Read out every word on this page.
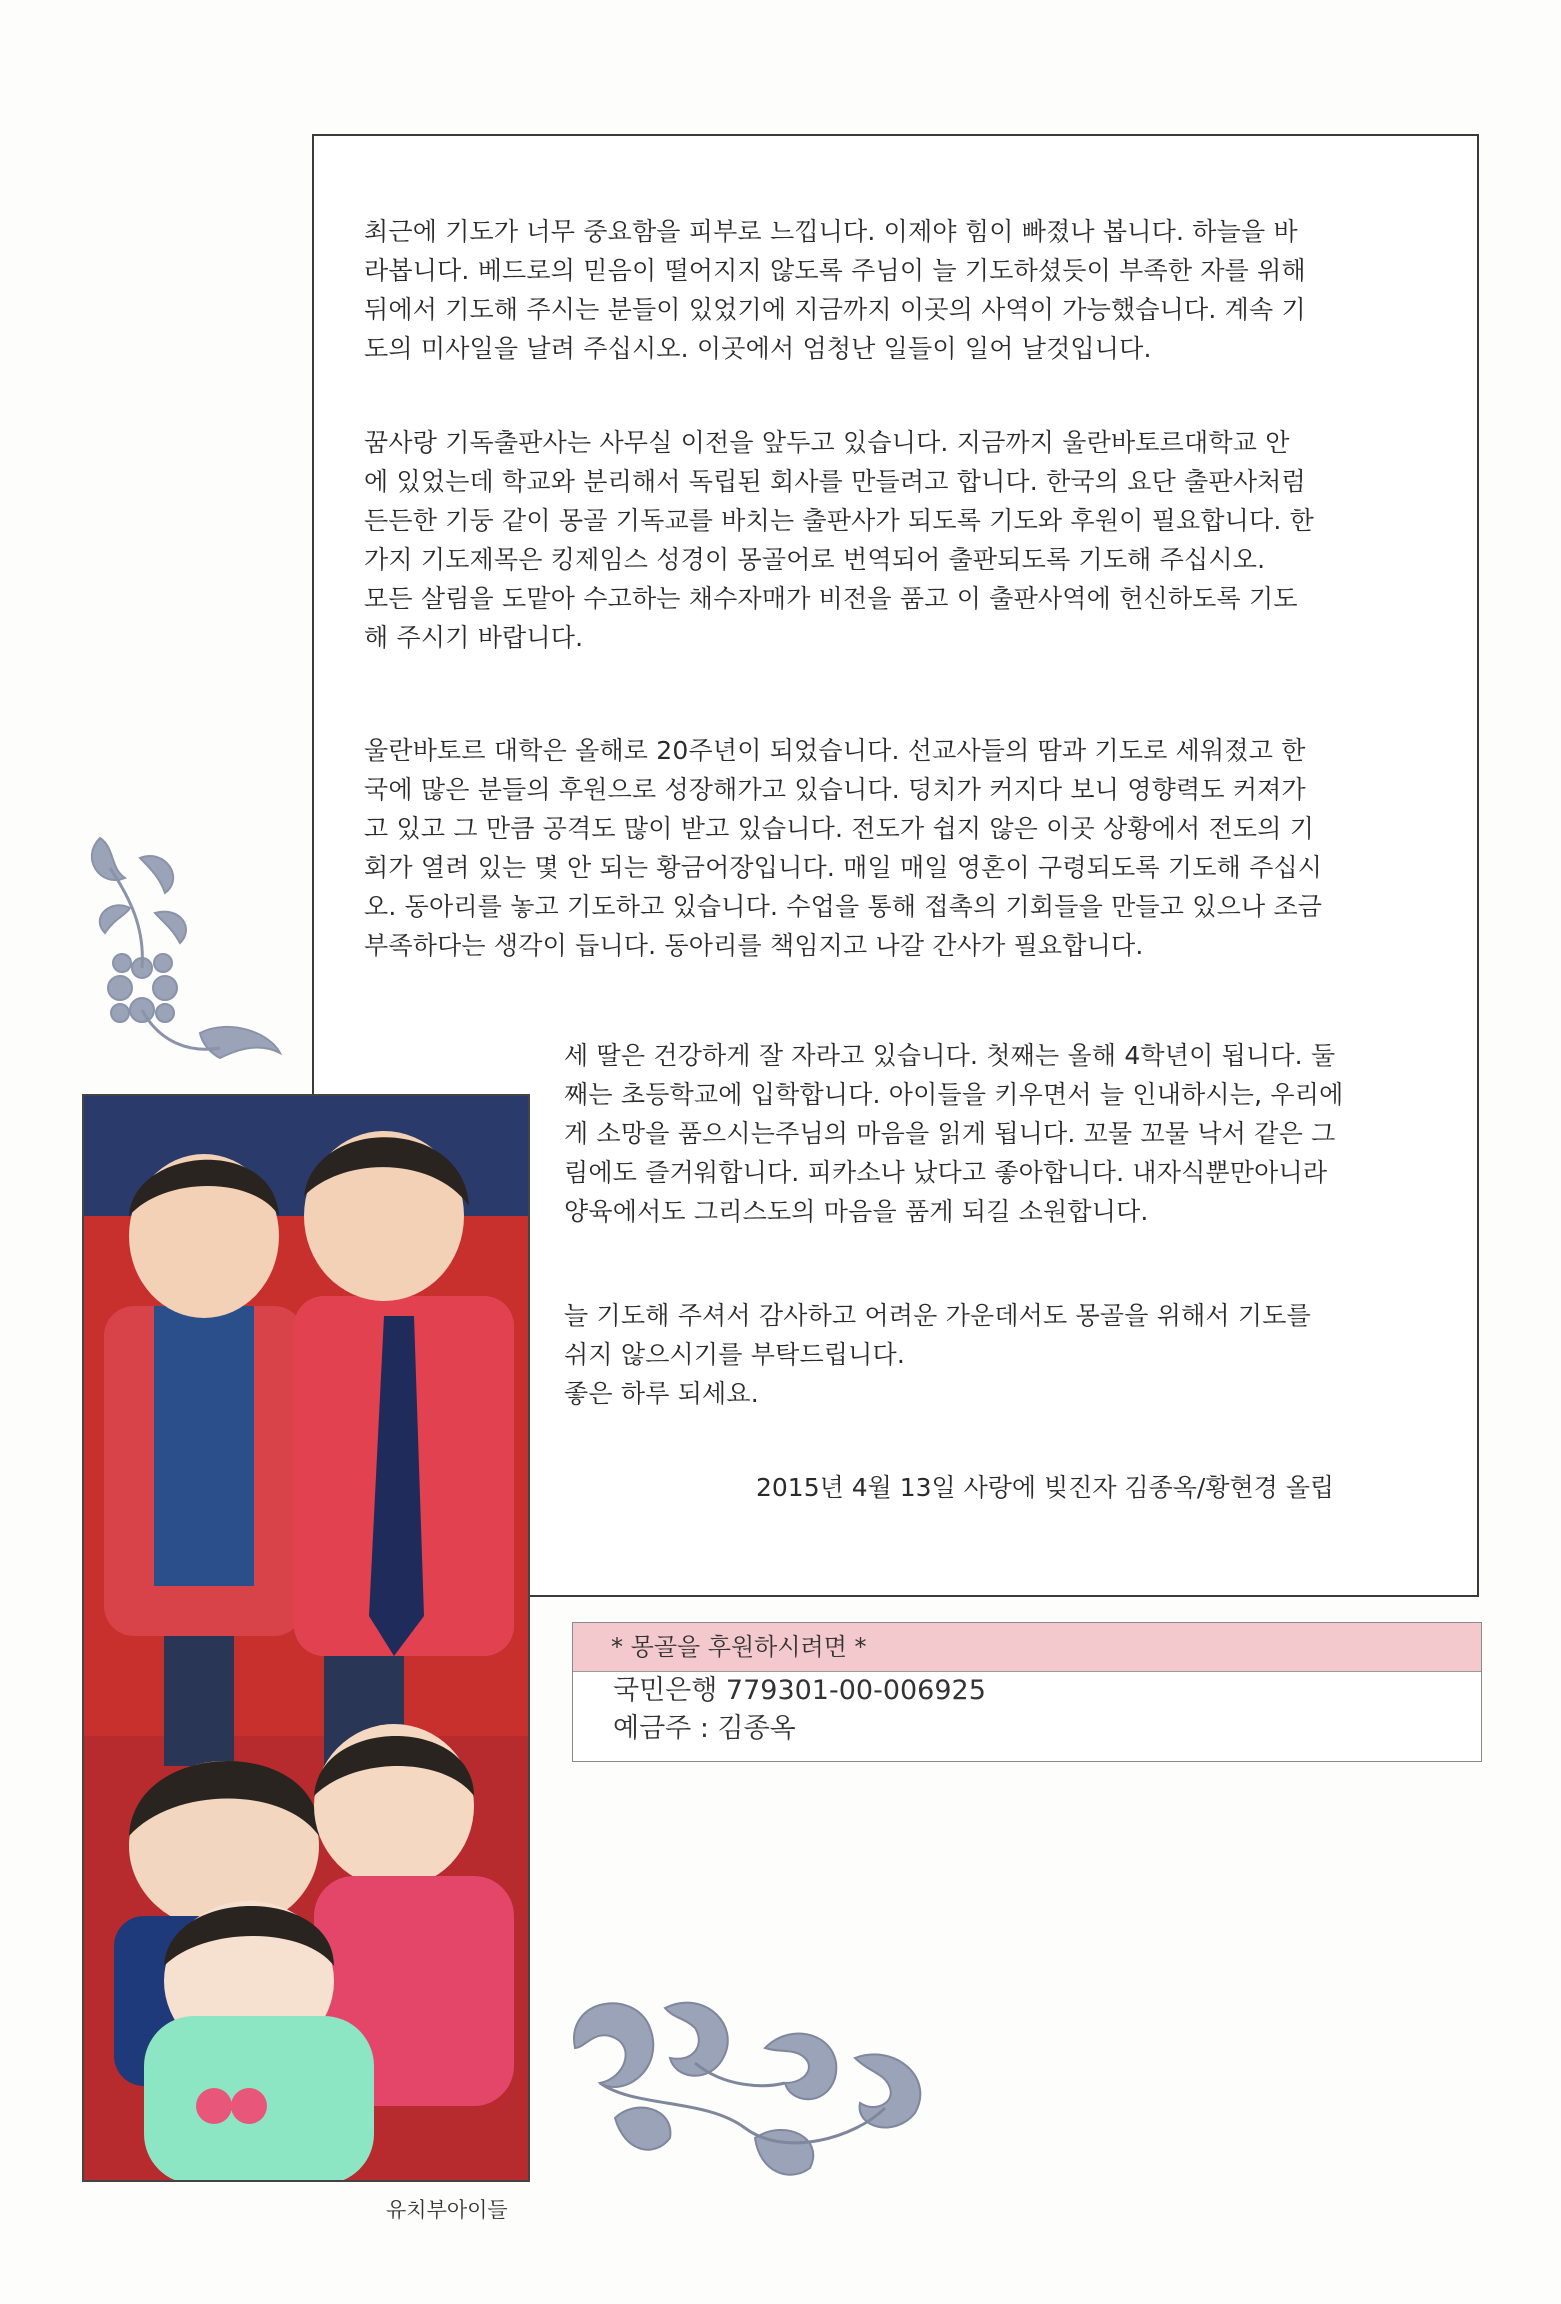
최근에 기도가 너무 중요함을 피부로 느낍니다. 이제야 힘이 빠졌나 봅니다. 하늘을 바
라봅니다. 베드로의 믿음이 떨어지지 않도록 주님이 늘 기도하셨듯이 부족한 자를 위해
뒤에서 기도해 주시는 분들이 있었기에 지금까지 이곳의 사역이 가능했습니다. 계속 기
도의 미사일을 날려 주십시오. 이곳에서 엄청난 일들이 일어 날것입니다.
꿈사랑 기독출판사는 사무실 이전을 앞두고 있습니다. 지금까지 울란바토르대학교 안
에 있었는데 학교와 분리해서 독립된 회사를 만들려고 합니다. 한국의 요단 출판사처럼
든든한 기둥 같이 몽골 기독교를 바치는 출판사가 되도록 기도와 후원이 필요합니다. 한
가지 기도제목은 킹제임스 성경이 몽골어로 번역되어 출판되도록 기도해 주십시오.
모든 살림을 도맡아 수고하는 채수자매가 비전을 품고 이 출판사역에 헌신하도록 기도
해 주시기 바랍니다.
울란바토르 대학은 올해로 20주년이 되었습니다. 선교사들의 땀과 기도로 세워졌고 한
국에 많은 분들의 후원으로 성장해가고 있습니다. 덩치가 커지다 보니 영향력도 커져가
고 있고 그 만큼 공격도 많이 받고 있습니다. 전도가 쉽지 않은 이곳 상황에서 전도의 기
회가 열려 있는 몇 안 되는 황금어장입니다. 매일 매일 영혼이 구령되도록 기도해 주십시
오. 동아리를 놓고 기도하고 있습니다. 수업을 통해 접촉의 기회들을 만들고 있으나 조금
부족하다는 생각이 듭니다. 동아리를 책임지고 나갈 간사가 필요합니다.
세 딸은 건강하게 잘 자라고 있습니다. 첫째는 올해 4학년이 됩니다. 둘
째는 초등학교에 입학합니다. 아이들을 키우면서 늘 인내하시는, 우리에
게 소망을 품으시는주님의 마음을 읽게 됩니다. 꼬물 꼬물 낙서 같은 그
림에도 즐거워합니다. 피카소나 났다고 좋아합니다. 내자식뿐만아니라
양육에서도 그리스도의 마음을 품게 되길 소원합니다.
늘 기도해 주셔서 감사하고 어려운 가운데서도 몽골을 위해서 기도를
쉬지 않으시기를 부탁드립니다.
좋은 하루 되세요.
2015년 4월 13일 사랑에 빚진자 김종옥/황현경 올립
유치부아이들
* 몽골을 후원하시려면 *
국민은행 779301-00-006925
예금주 : 김종옥
